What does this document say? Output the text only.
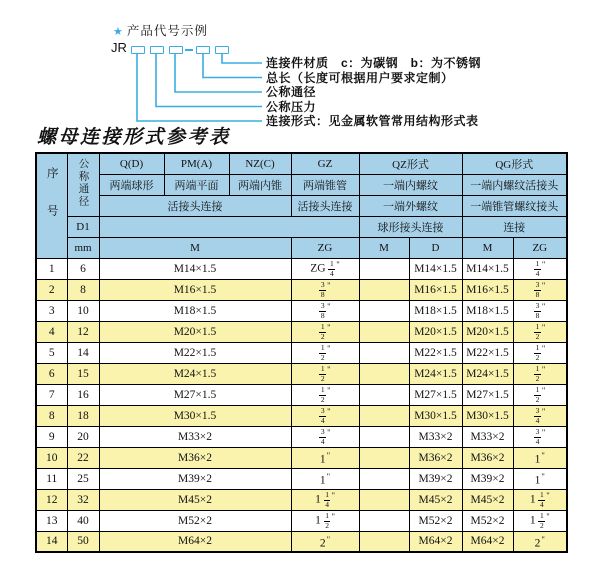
★ 产品代号示例
JR
连接件材质　c：为碳钢　b：为不锈钢
总长（长度可根据用户要求定制）
公称通径
公称压力
连接形式：见金属软管常用结构形式表
螺母连接形式参考表
序号	公称通径	Q(D)	PM(A)	NZ(C)	GZ	QZ形式		QG形式	
		两端球形	两端平面	两端内锥	两端锥管	一端内螺纹		一端内螺纹活接头	
		活接头连接			活接头连接	一端外螺纹		一端锥管螺纹接头	
	D1					球形接头连接		连接	
	mm	M			ZG	M	D	M	ZG
1	6	M14×1.5			ZG $\frac{1}{4} ^"$		M14×1.5	M14×1.5	$\frac{1}{4} ^"$
2	8	M16×1.5			$\frac{3}{8} ^"$		M16×1.5	M16×1.5	$\frac{3}{8} ^"$
3	10	M18×1.5			$\frac{3}{8} ^"$		M18×1.5	M18×1.5	$\frac{3}{8} ^"$
4	12	M20×1.5			$\frac{1}{2} ^"$		M20×1.5	M20×1.5	$\frac{1}{2} ^"$
5	14	M22×1.5			$\frac{1}{2} ^"$		M22×1.5	M22×1.5	$\frac{1}{2} ^"$
6	15	M24×1.5			$\frac{1}{2} ^"$		M24×1.5	M24×1.5	$\frac{1}{2} ^"$
7	16	M27×1.5			$\frac{1}{2} ^"$		M27×1.5	M27×1.5	$\frac{1}{2} ^"$
8	18	M30×1.5			$\frac{3}{4} ^"$		M30×1.5	M30×1.5	$\frac{3}{4} ^"$
9	20	M33×2			$\frac{3}{4} ^"$		M33×2	M33×2	$\frac{3}{4} ^"$
10	22	M36×2			1"		M36×2	M36×2	1"
11	25	M39×2			1"		M39×2	M39×2	1"
12	32	M45×2			$1 \frac{1}{4} ^"$		M45×2	M45×2	$1 \frac{1}{4} ^"$
13	40	M52×2			$1 \frac{1}{2} ^"$		M52×2	M52×2	$1 \frac{1}{2} ^"$
14	50	M64×2			2"		M64×2	M64×2	2"
